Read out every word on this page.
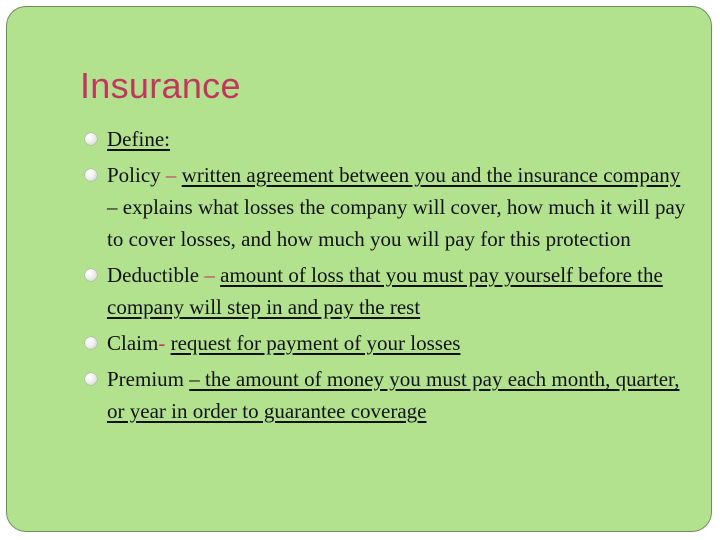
Insurance
Define:
Policy – written agreement between you and the insurance company – explains what losses the company will cover, how much it will pay to cover losses, and how much you will pay for this protection
Deductible – amount of loss that you must pay yourself before the company will step in and pay the rest
Claim- request for payment of your losses
Premium – the amount of money you must pay each month, quarter, or year in order to guarantee coverage
